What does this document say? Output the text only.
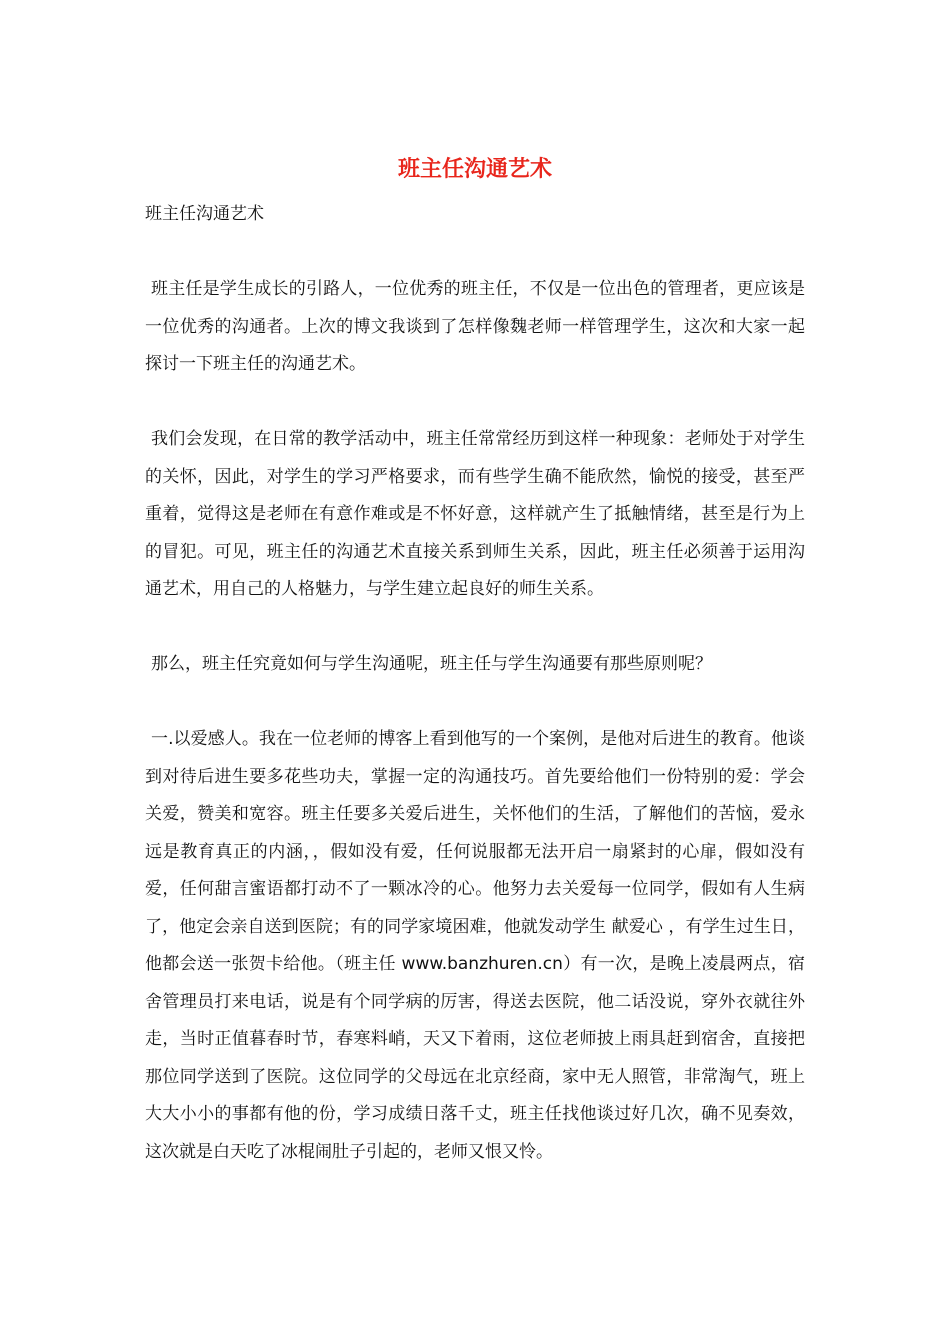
班主任沟通艺术

班主任沟通艺术

班主任是学生成长的引路人，一位优秀的班主任，不仅是一位出色的管理者，更应该是一位优秀的沟通者。上次的博文我谈到了怎样像魏老师一样管理学生，这次和大家一起探讨一下班主任的沟通艺术。

我们会发现，在日常的教学活动中，班主任常常经历到这样一种现象：老师处于对学生的关怀，因此，对学生的学习严格要求，而有些学生确不能欣然，愉悦的接受，甚至严重着，觉得这是老师在有意作难或是不怀好意，这样就产生了抵触情绪，甚至是行为上的冒犯。可见，班主任的沟通艺术直接关系到师生关系，因此，班主任必须善于运用沟通艺术，用自己的人格魅力，与学生建立起良好的师生关系。

那么，班主任究竟如何与学生沟通呢，班主任与学生沟通要有那些原则呢？

一.以爱感人。我在一位老师的博客上看到他写的一个案例，是他对后进生的教育。他谈到对待后进生要多花些功夫，掌握一定的沟通技巧。首先要给他们一份特别的爱：学会关爱，赞美和宽容。班主任要多关爱后进生，关怀他们的生活，了解他们的苦恼，爱永远是教育真正的内涵，，假如没有爱，任何说服都无法开启一扇紧封的心扉，假如没有爱，任何甜言蜜语都打动不了一颗冰冷的心。他努力去关爱每一位同学，假如有人生病了，他定会亲自送到医院；有的同学家境困难，他就发动学生 献爱心 ，有学生过生日，他都会送一张贺卡给他。（班主任 www.banzhuren.cn）有一次，是晚上凌晨两点，宿舍管理员打来电话，说是有个同学病的厉害，得送去医院，他二话没说，穿外衣就往外走，当时正值暮春时节，春寒料峭，天又下着雨，这位老师披上雨具赶到宿舍，直接把那位同学送到了医院。这位同学的父母远在北京经商，家中无人照管，非常淘气，班上大大小小的事都有他的份，学习成绩日落千丈，班主任找他谈过好几次，确不见奏效，这次就是白天吃了冰棍闹肚子引起的，老师又恨又怜。
